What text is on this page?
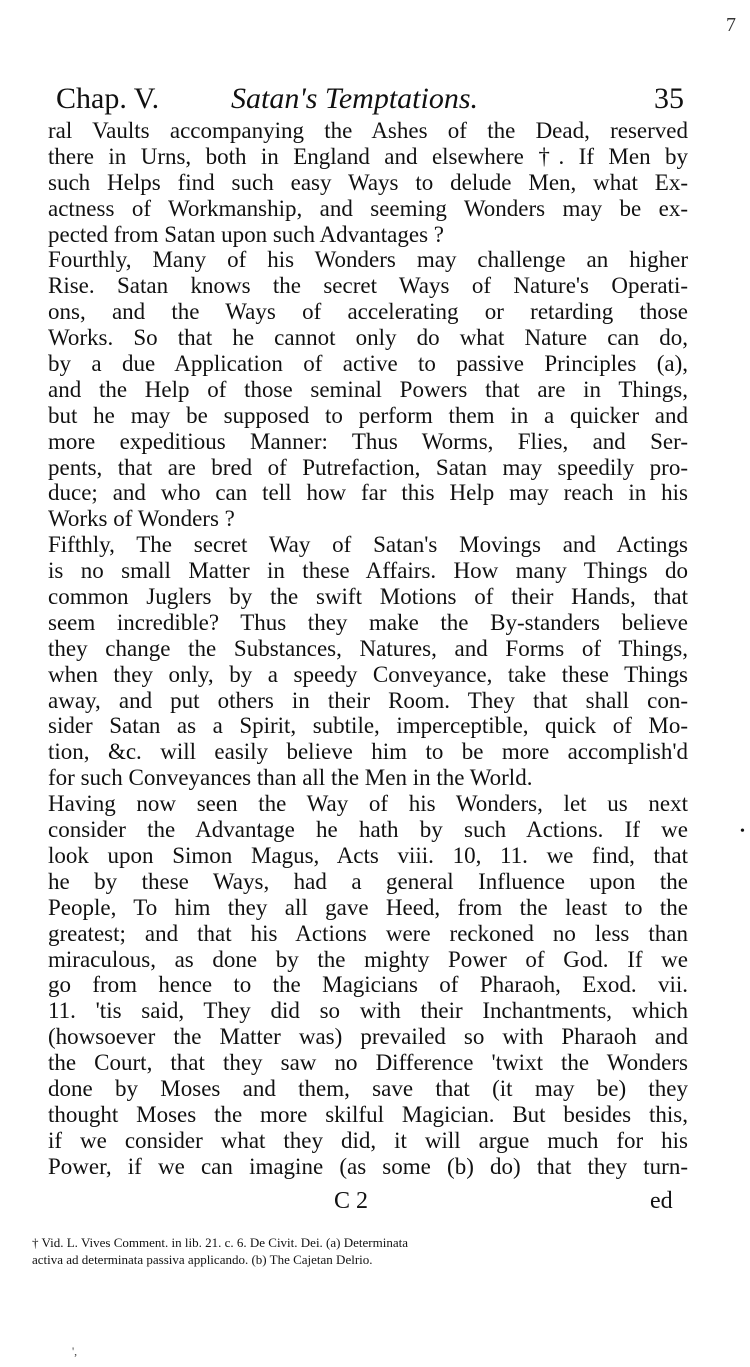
7
Chap. V. Satan's Temptations.	35
ral Vaults accompanying the Ashes of the Dead, reserved
there in Urns, both in England and elsewhere †. If Men by
such Helps find such easy Ways to delude Men, what Ex-
actness of Workmanship, and seeming Wonders may be ex-
pected from Satan upon such Advantages ?
Fourthly, Many of his Wonders may challenge an higher
Rise. Satan knows the secret Ways of Nature's Operati-
ons, and the Ways of accelerating or retarding those
Works. So that he cannot only do what Nature can do,
by a due Application of active to passive Principles (a),
and the Help of those seminal Powers that are in Things,
but he may be supposed to perform them in a quicker and
more expeditious Manner: Thus Worms, Flies, and Ser-
pents, that are bred of Putrefaction, Satan may speedily pro-
duce; and who can tell how far this Help may reach in his
Works of Wonders ?
Fifthly, The secret Way of Satan's Movings and Actings
is no small Matter in these Affairs. How many Things do
common Juglers by the swift Motions of their Hands, that
seem incredible? Thus they make the By-standers believe
they change the Substances, Natures, and Forms of Things,
when they only, by a speedy Conveyance, take these Things
away, and put others in their Room. They that shall con-
sider Satan as a Spirit, subtile, imperceptible, quick of Mo-
tion, &c. will easily believe him to be more accomplish'd
for such Conveyances than all the Men in the World.
Having now seen the Way of his Wonders, let us next
consider the Advantage he hath by such Actions. If we
look upon Simon Magus, Acts viii. 10, 11. we find, that
he by these Ways, had a general Influence upon the
People, To him they all gave Heed, from the least to the
greatest; and that his Actions were reckoned no less than
miraculous, as done by the mighty Power of God. If we
go from hence to the Magicians of Pharaoh, Exod. vii.
11. 'tis said, They did so with their Inchantments, which
(howsoever the Matter was) prevailed so with Pharaoh and
the Court, that they saw no Difference 'twixt the Wonders
done by Moses and them, save that (it may be) they
thought Moses the more skilful Magician. But besides this,
if we consider what they did, it will argue much for his
Power, if we can imagine (as some (b) do) that they turn-
C 2	ed
† Vid. L. Vives Comment. in lib. 21. c. 6. De Civit. Dei. (a) Determinata
activa ad determinata passiva applicando. (b) The Cajetan Delrio.
•
',
